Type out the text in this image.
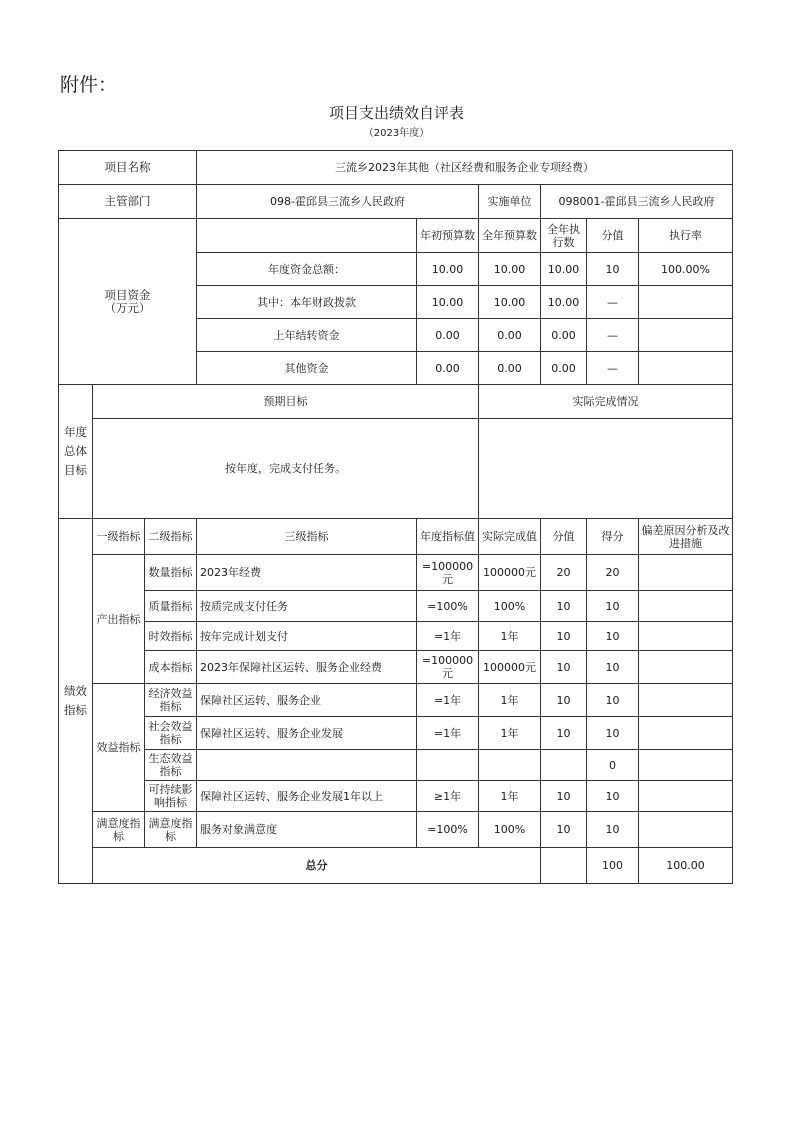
附件：
项目支出绩效自评表
（2023年度）
项目名称			三流乡2023年其他（社区经费和服务企业专项经费）						
主管部门			098-霍邱县三流乡人民政府		实施单位	098001-霍邱县三流乡人民政府			

项目资金
（万元）				年初预算数	全年预算数	全年执行数	分值	执行率	
			年度资金总额：	10.00	10.00	10.00	10	100.00%	
			其中：本年财政拨款	10.00	10.00	10.00	—		
			上年结转资金	0.00	0.00	0.00	—		
			其他资金	0.00	0.00	0.00	—		
年度总体目标	预期目标				实际完成情况				
	按年度，完成支付任务。								
绩效指标	一级指标	二级指标	三级指标	年度指标值	实际完成值	分值	得分	偏差原因分析及改进措施	
	产出指标	数量指标	2023年经费	=100000元	100000元	20	20		
		质量指标	按质完成支付任务	=100%	100%	10	10		
		时效指标	按年完成计划支付	=1年	1年	10	10		
		成本指标	2023年保障社区运转、服务企业经费	=100000元	100000元	10	10		
	效益指标	经济效益指标	保障社区运转、服务企业	=1年	1年	10	10		
		社会效益指标	保障社区运转、服务企业发展	=1年	1年	10	10		
		生态效益指标					0		
		可持续影响指标	保障社区运转、服务企业发展1年以上	≥1年	1年	10	10		
	满意度指标	满意度指标	服务对象满意度	=100%	100%	10	10		
	总分						100	100.00	
